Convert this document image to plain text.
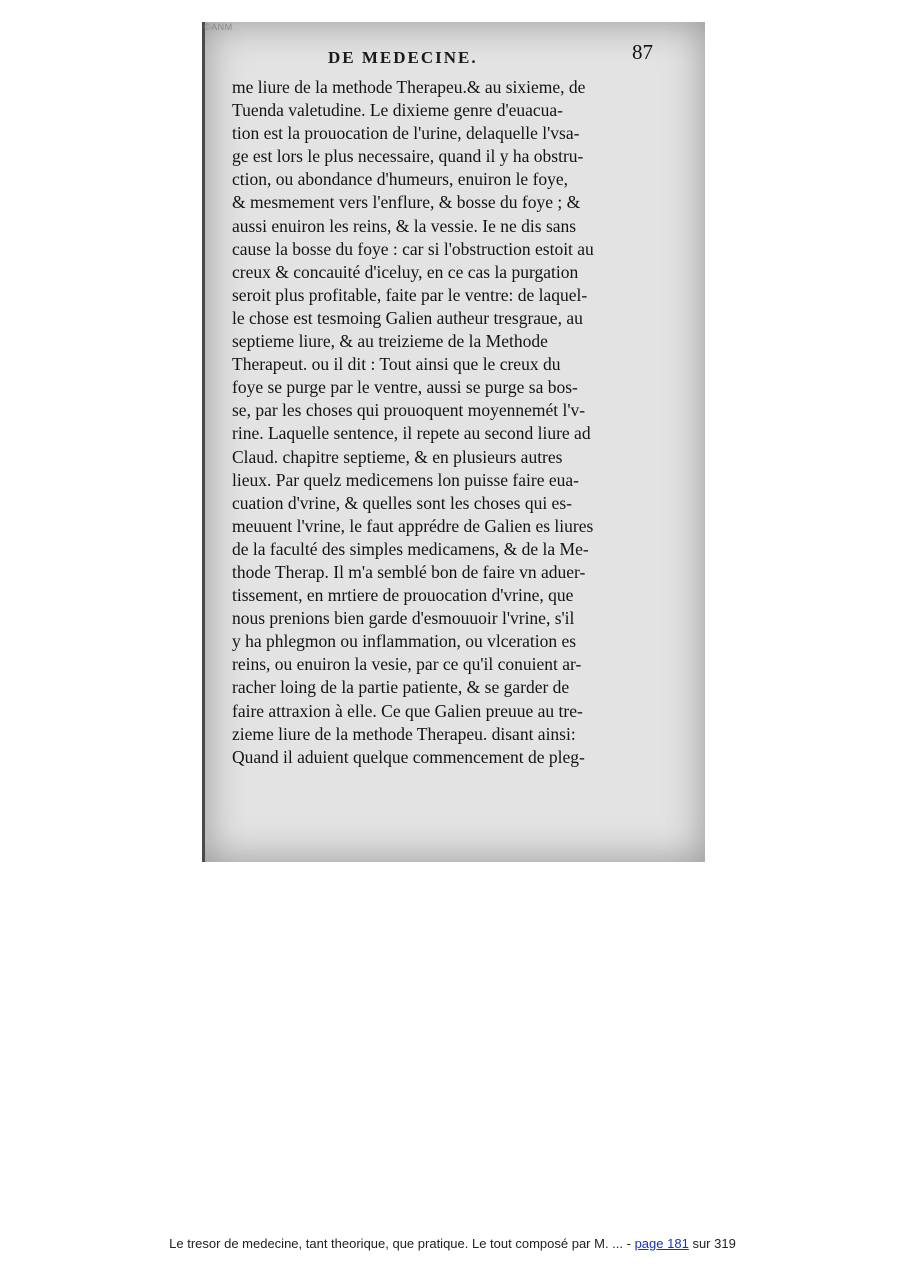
©ANM
DE MEDECINE.	87
me liure de la methode Therapeu.& au sixieme, de
Tuenda valetudine. Le dixieme genre d'euacua-
tion est la prouocation de l'urine, delaquelle l'vsa-
ge est lors le plus necessaire, quand il y ha obstru-
ction, ou abondance d'humeurs, enuiron le foye,
& mesmement vers l'enflure, & bosse du foye ; &
aussi enuiron les reins, & la vessie. Ie ne dis sans
cause la bosse du foye : car si l'obstruction estoit au
creux & concauité d'iceluy, en ce cas la purgation
seroit plus profitable, faite par le ventre: de laquel-
le chose est tesmoing Galien autheur tresgraue, au
septieme liure, & au treizieme de la Methode
Therapeut. ou il dit : Tout ainsi que le creux du
foye se purge par le ventre, aussi se purge sa bos-
se, par les choses qui prouoquent moyennemét l'v-
rine. Laquelle sentence, il repete au second liure ad
Claud. chapitre septieme, & en plusieurs autres
lieux. Par quelz medicemens lon puisse faire eua-
cuation d'vrine, & quelles sont les choses qui es-
meuuent l'vrine, le faut apprédre de Galien es liures
de la faculté des simples medicamens, & de la Me-
thode Therap. Il m'a semblé bon de faire vn aduer-
tissement, en mrtiere de prouocation d'vrine, que
nous prenions bien garde d'esmouuoir l'vrine, s'il
y ha phlegmon ou inflammation, ou vlceration es
reins, ou enuiron la vesie, par ce qu'il conuient ar-
racher loing de la partie patiente, & se garder de
faire attraxion à elle. Ce que Galien preuue au tre-
zieme liure de la methode Therapeu. disant ainsi:
Quand il aduient quelque commencement de pleg-
Le tresor de medecine, tant theorique, que pratique. Le tout composé par M. ... - page 181 sur 319
